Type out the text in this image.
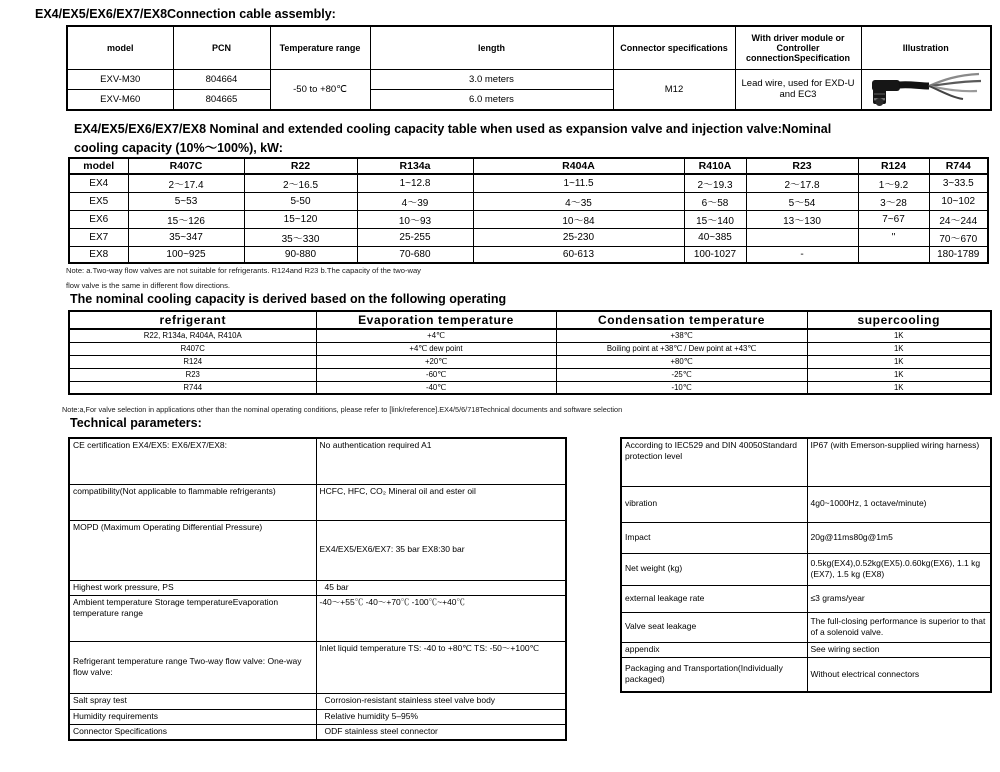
EX4/EX5/EX6/EX7/EX8Connection cable assembly:
model	PCN	Temperature range	length	Connector specifications	With driver module or Controller connectionSpecification	Illustration
EXV-M30	804664	-50 to +80℃	3.0 meters	M12	Lead wire, used for EXD-U and EC3	

EXV-M60	804665		6.0 meters			
EX4/EX5/EX6/EX7/EX8 Nominal and extended cooling capacity table when used as expansion valve and injection valve:Nominal
cooling capacity (10%～100%), kW:
model	R407C	R22	R134a	R404A	R410A	R23	R124	R744
EX4	2～17.4	2～16.5	1~12.8	1~11.5	2～19.3	2～17.8	1～9.2	3~33.5
EX5	5~53	5-50	4～39	4～35	6～58	5～54	3～28	10~102
EX6	15～126	15~120	10～93	10～84	15～140	13～130	7~67	24～244
EX7	35~347	35～330	25-255	25-230	40~385		"	70～670
EX8	100~925	90-880	70-680	60-613	100-1027	-		180-1789
Note: a.Two-way flow valves are not suitable for refrigerants. R124and R23 b.The capacity of the two-way
flow valve is the same in different flow directions.
The nominal cooling capacity is derived based on the following operating
refrigerant	Evaporation temperature	Condensation temperature	supercooling
R22, R134a, R404A, R410A	+4℃	+38℃	1K
R407C	+4℃ dew point	Boiling point at +38℃ / Dew point at +43℃	1K
R124	+20℃	+80℃	1K
R23	-60℃	-25℃	1K
R744	-40℃	-10℃	1K
Note:a,For valve selection in applications other than the nominal operating conditions, please refer to [link/reference].EX4/5/6/718Technical documents and software selection
Technical parameters:
CE certification EX4/EX5: EX6/EX7/EX8:	No authentication required A1
compatibility(Not applicable to flammable refrigerants)	HCFC, HFC, CO₂ Mineral oil and ester oil
MOPD (Maximum Operating Differential Pressure)	EX4/EX5/EX6/EX7: 35 bar EX8:30 bar
Highest work pressure, PS	45 bar
Ambient temperature Storage temperatureEvaporation temperature range	-40～+55℃ -40～+70℃ -100℃~+40℃
Refrigerant temperature range Two-way flow valve: One-way flow valve:	Inlet liquid temperature TS: -40 to +80℃ TS: -50～+100℃
Salt spray test	Corrosion-resistant stainless steel valve body
Humidity requirements	Relative humidity 5–95%
Connector Specifications	ODF stainless steel connector
According to IEC529 and DIN 40050Standard protection level	IP67 (with Emerson-supplied wiring harness)
vibration	4g0~1000Hz, 1 octave/minute)
Impact	20g@11ms80g@1m5
Net weight (kg)	0.5kg(EX4),0.52kg(EX5).0.60kg(EX6), 1.1 kg (EX7), 1.5 kg (EX8)
external leakage rate	≤3 grams/year
Valve seat leakage	The full-closing performance is superior to that of a solenoid valve.
appendix	See wiring section
Packaging and Transportation(Individually packaged)	Without electrical connectors
